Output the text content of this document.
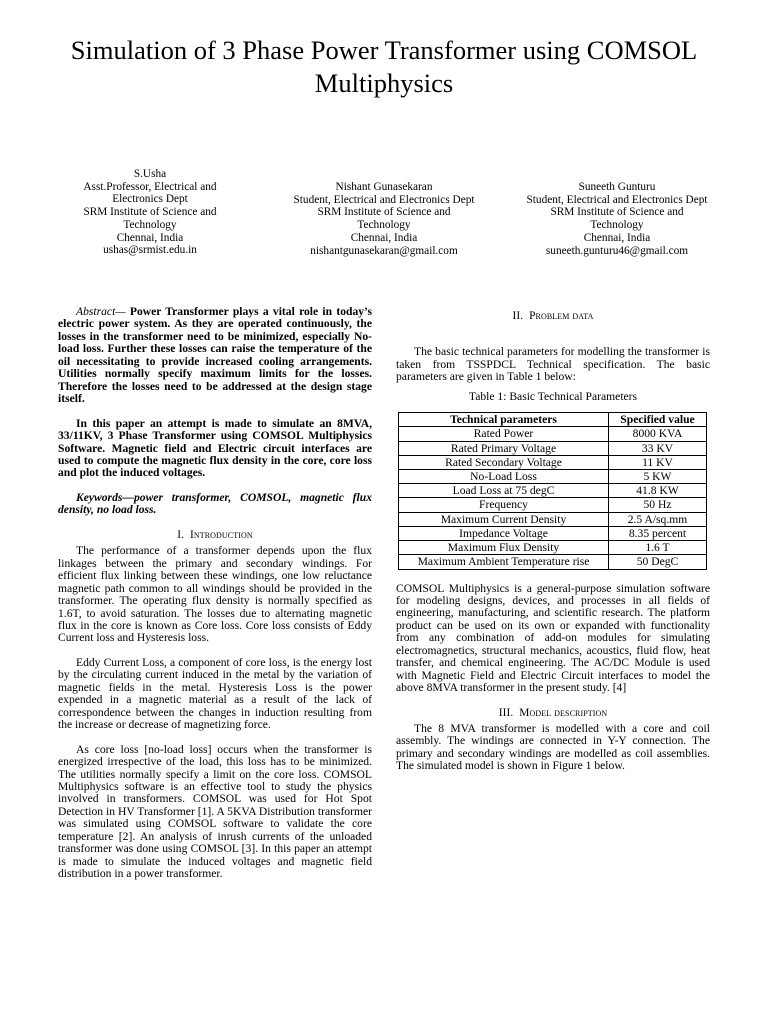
Simulation of 3 Phase Power Transformer using COMSOL Multiphysics
S.Usha
Asst.Professor, Electrical and Electronics Dept
SRM Institute of Science and Technology
Chennai, India
ushas@srmist.edu.in
Nishant Gunasekaran
Student, Electrical and Electronics Dept
SRM Institute of Science and Technology
Chennai, India
nishantgunasekaran@gmail.com
Suneeth Gunturu
Student, Electrical and Electronics Dept
SRM Institute of Science and Technology
Chennai, India
suneeth.gunturu46@gmail.com

Abstract— Power Transformer plays a vital role in today’s electric power system. As they are operated continuously, the losses in the transformer need to be minimized, especially No-load loss. Further these losses can raise the temperature of the oil necessitating to provide increased cooling arrangements. Utilities normally specify maximum limits for the losses. Therefore the losses need to be addressed at the design stage itself.

In this paper an attempt is made to simulate an 8MVA, 33/11KV, 3 Phase Transformer using COMSOL Multiphysics Software. Magnetic field and Electric circuit interfaces are used to compute the magnetic flux density in the core, core loss and plot the induced voltages.

Keywords—power transformer, COMSOL, magnetic flux density, no load loss.

I. Introduction

The performance of a transformer depends upon the flux linkages between the primary and secondary windings. For efficient flux linking between these windings, one low reluctance magnetic path common to all windings should be provided in the transformer. The operating flux density is normally specified as 1.6T, to avoid saturation. The losses due to alternating magnetic flux in the core is known as Core loss. Core loss consists of Eddy Current loss and Hysteresis loss.

Eddy Current Loss, a component of core loss, is the energy lost by the circulating current induced in the metal by the variation of magnetic fields in the metal. Hysteresis Loss is the power expended in a magnetic material as a result of the lack of correspondence between the changes in induction resulting from the increase or decrease of magnetizing force.

As core loss [no-load loss] occurs when the transformer is energized irrespective of the load, this loss has to be minimized. The utilities normally specify a limit on the core loss. COMSOL Multiphysics software is an effective tool to study the physics involved in transformers. COMSOL was used for Hot Spot Detection in HV Transformer [1]. A 5KVA Distribution transformer was simulated using COMSOL software to validate the core temperature [2]. An analysis of inrush currents of the unloaded transformer was done using COMSOL [3]. In this paper an attempt is made to simulate the induced voltages and magnetic field distribution in a power transformer.

II. Problem data

The basic technical parameters for modelling the transformer is taken from TSSPDCL Technical specification. The basic parameters are given in Table 1 below:

Table 1: Basic Technical Parameters

Technical parameters	Specified value
Rated Power	8000 KVA
Rated Primary Voltage	33 KV
Rated Secondary Voltage	11 KV
No-Load Loss	5 KW
Load Loss at 75 degC	41.8 KW
Frequency	50 Hz
Maximum Current Density	2.5 A/sq.mm
Impedance Voltage	8.35 percent
Maximum Flux Density	1.6 T
Maximum Ambient Temperature rise	50 DegC

COMSOL Multiphysics is a general-purpose simulation software for modeling designs, devices, and processes in all fields of engineering, manufacturing, and scientific research. The platform product can be used on its own or expanded with functionality from any combination of add-on modules for simulating electromagnetics, structural mechanics, acoustics, fluid flow, heat transfer, and chemical engineering. The AC/DC Module is used with Magnetic Field and Electric Circuit interfaces to model the above 8MVA transformer in the present study. [4]

III. Model description

The 8 MVA transformer is modelled with a core and coil assembly. The windings are connected in Y-Y connection. The primary and secondary windings are modelled as coil assemblies. The simulated model is shown in Figure 1 below.
